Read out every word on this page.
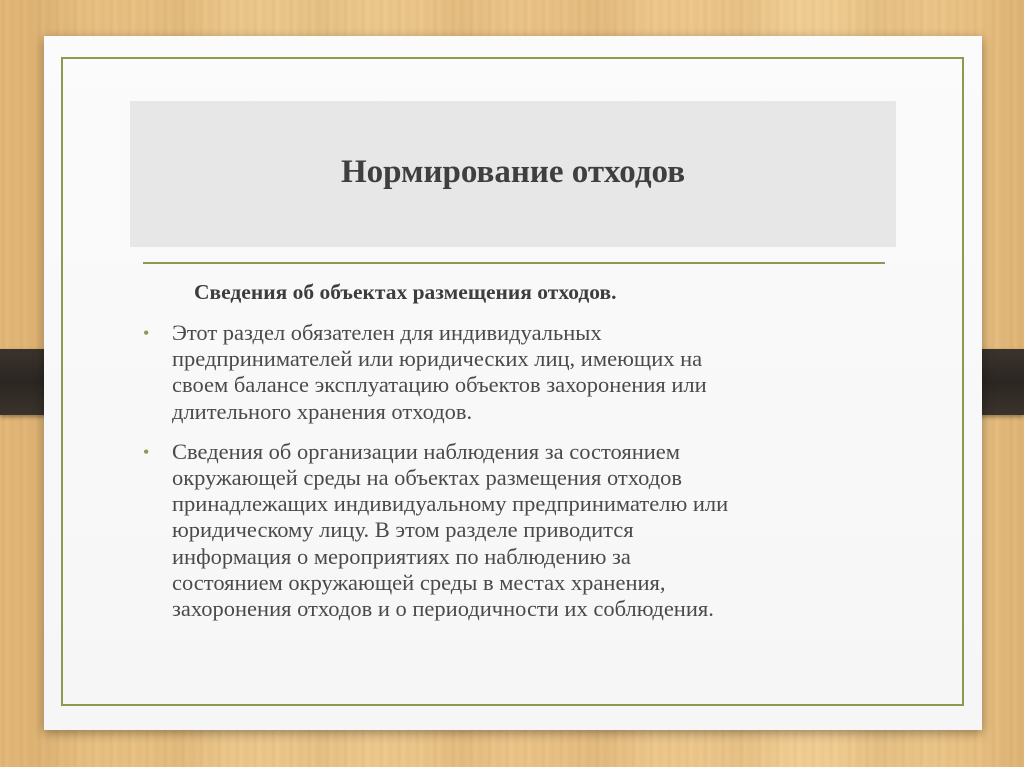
Нормирование отходов
Сведения об объектах размещения отходов.
• Этот раздел обязателен для индивидуальных
предпринимателей или юридических лиц, имеющих на
своем балансе эксплуатацию объектов захоронения или
длительного хранения отходов.
• Сведения об организации наблюдения за состоянием
окружающей среды на объектах размещения отходов
принадлежащих индивидуальному предпринимателю или
юридическому лицу. В этом разделе приводится
информация о мероприятиях по наблюдению за
состоянием окружающей среды в местах хранения,
захоронения отходов и о периодичности их соблюдения.
